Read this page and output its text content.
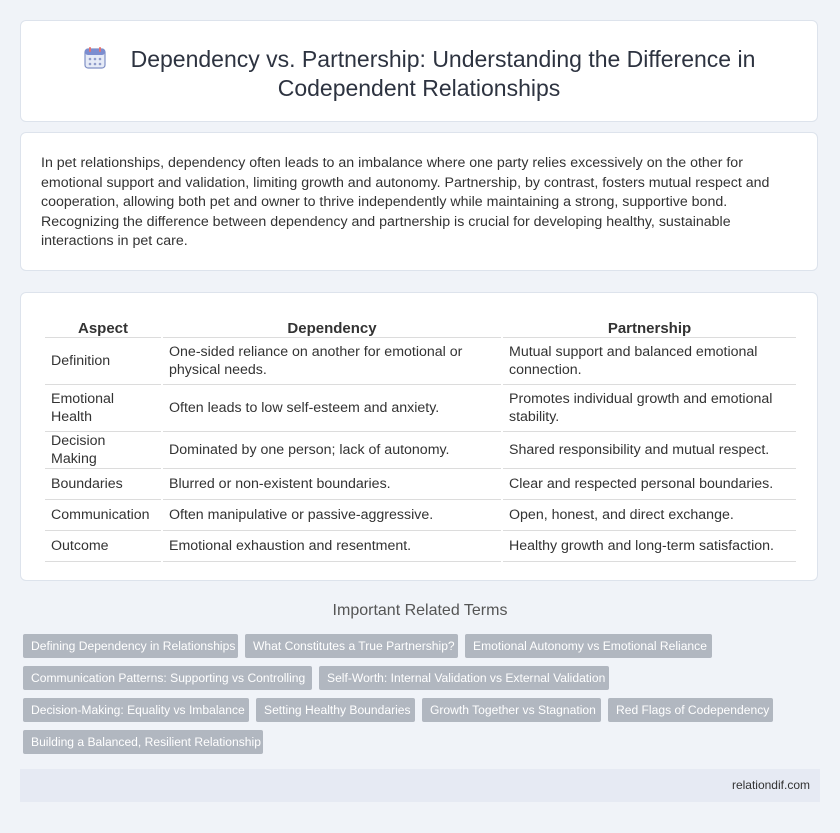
Dependency vs. Partnership: Understanding the Difference in
Codependent Relationships

In pet relationships, dependency often leads to an imbalance where one party relies excessively on the other for emotional support and validation, limiting growth and autonomy. Partnership, by contrast, fosters mutual respect and cooperation, allowing both pet and owner to thrive independently while maintaining a strong, supportive bond. Recognizing the difference between dependency and partnership is crucial for developing healthy, sustainable interactions in pet care.

Aspect	Dependency	Partnership
Definition	One-sided reliance on another for emotional or physical needs.	Mutual support and balanced emotional connection.
Emotional Health	Often leads to low self-esteem and anxiety.	Promotes individual growth and emotional stability.
Decision Making	Dominated by one person; lack of autonomy.	Shared responsibility and mutual respect.
Boundaries	Blurred or non-existent boundaries.	Clear and respected personal boundaries.
Communication	Often manipulative or passive-aggressive.	Open, honest, and direct exchange.
Outcome	Emotional exhaustion and resentment.	Healthy growth and long-term satisfaction.
Important Related Terms
Defining Dependency in Relationships	What Constitutes a True Partnership?	Emotional Autonomy vs Emotional Reliance
Communication Patterns: Supporting vs Controlling	Self-Worth: Internal Validation vs External Validation
Decision-Making: Equality vs Imbalance	Setting Healthy Boundaries	Growth Together vs Stagnation	Red Flags of Codependency
Building a Balanced, Resilient Relationship
relationdif.com
